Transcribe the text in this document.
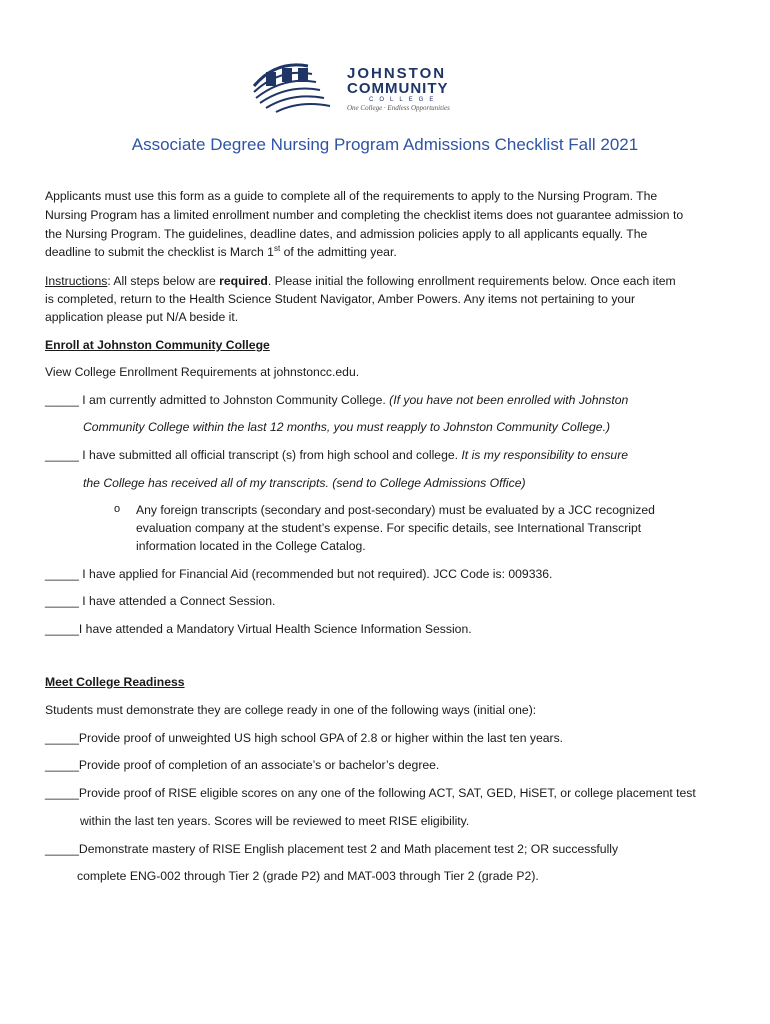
JOHNSTON
COMMUNITY
COLLEGE
One College · Endless Opportunities
Associate Degree Nursing Program Admissions Checklist Fall 2021
Applicants must use this form as a guide to complete all of the requirements to apply to the Nursing Program. The
Nursing Program has a limited enrollment number and completing the checklist items does not guarantee admission to
the Nursing Program. The guidelines, deadline dates, and admission policies apply to all applicants equally. The
deadline to submit the checklist is March 1st of the admitting year.
Instructions: All steps below are required. Please initial the following enrollment requirements below. Once each item
is completed, return to the Health Science Student Navigator, Amber Powers. Any items not pertaining to your
application please put N/A beside it.
Enroll at Johnston Community College
View College Enrollment Requirements at johnstoncc.edu.
_____ I am currently admitted to Johnston Community College. (If you have not been enrolled with Johnston
Community College within the last 12 months, you must reapply to Johnston Community College.)
_____ I have submitted all official transcript (s) from high school and college. It is my responsibility to ensure
the College has received all of my transcripts. (send to College Admissions Office)
o Any foreign transcripts (secondary and post-secondary) must be evaluated by a JCC recognized
evaluation company at the student’s expense. For specific details, see International Transcript
information located in the College Catalog.
_____ I have applied for Financial Aid (recommended but not required). JCC Code is: 009336.
_____ I have attended a Connect Session.
_____I have attended a Mandatory Virtual Health Science Information Session.
Meet College Readiness
Students must demonstrate they are college ready in one of the following ways (initial one):
_____Provide proof of unweighted US high school GPA of 2.8 or higher within the last ten years.
_____Provide proof of completion of an associate’s or bachelor’s degree.
_____Provide proof of RISE eligible scores on any one of the following ACT, SAT, GED, HiSET, or college placement test
within the last ten years. Scores will be reviewed to meet RISE eligibility.
_____Demonstrate mastery of RISE English placement test 2 and Math placement test 2; OR successfully
complete ENG-002 through Tier 2 (grade P2) and MAT-003 through Tier 2 (grade P2).
